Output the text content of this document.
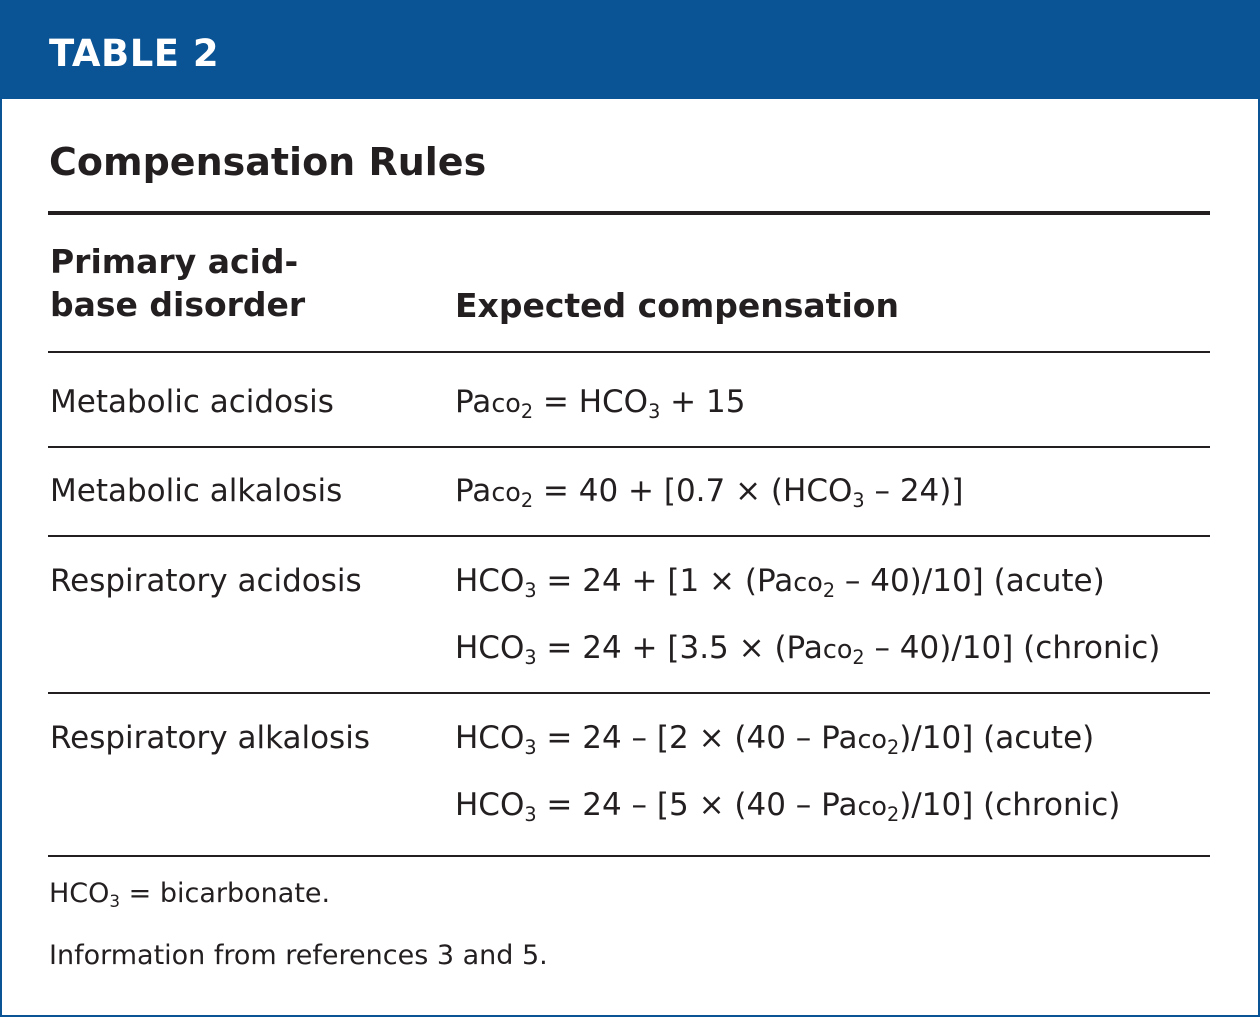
TABLE 2
Compensation Rules
Primary acid-
base disorder	Expected compensation
Metabolic acidosis	Paco$_2$ = $HCO_3 + 15$
Metabolic alkalosis	Paco$_2$ = $40 + [0.7 \times (HCO_3 - 24)]$
Respiratory acidosis	$HCO_3 = 24 + [1$ × (Paco$_2$ – 40)/10] (acute)
$HCO_3 = 24 + [3.5$ × (Paco$_2$ – 40)/10] (chronic)
Respiratory alkalosis	$HCO_3 = 24 - [2 \times (40$ – Paco$_2$)/10] (acute)
$HCO_3 = 24 - [5 \times (40$ – Paco$_2$)/10] (chronic)
$HCO_3$ = bicarbonate.
Information from references 3 and 5.
